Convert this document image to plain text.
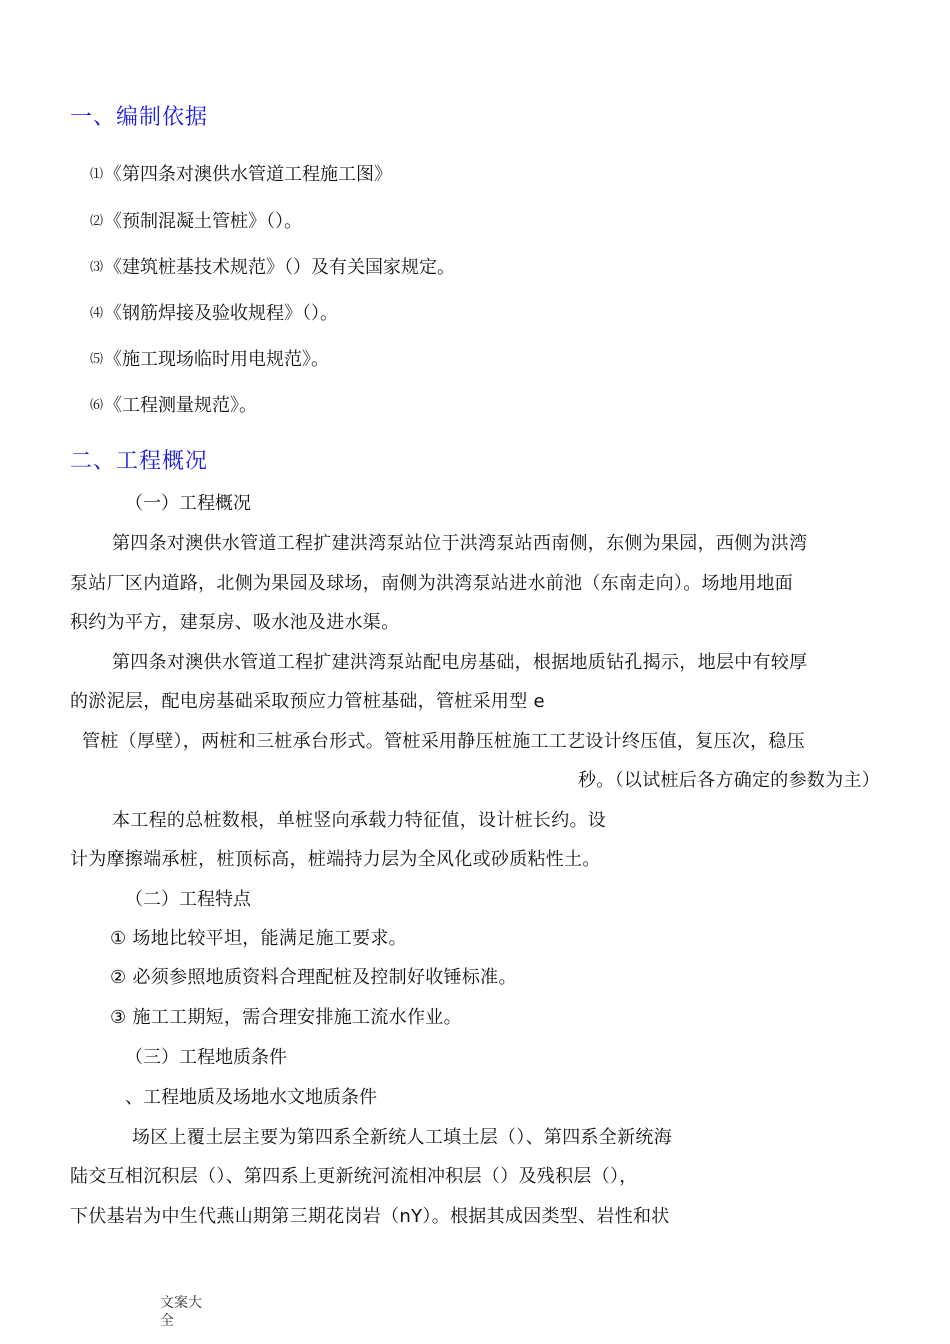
一、编制依据
⑴《第四条对澳供水管道工程施工图》
⑵《预制混凝土管桩》（）。
⑶《建筑桩基技术规范》（）及有关国家规定。
⑷《钢筋焊接及验收规程》（）。
⑸《施工现场临时用电规范》。
⑹《工程测量规范》。
二、工程概况
（一）工程概况
第四条对澳供水管道工程扩建洪湾泵站位于洪湾泵站西南侧，东侧为果园，西侧为洪湾
泵站厂区内道路，北侧为果园及球场，南侧为洪湾泵站进水前池（东南走向）。场地用地面
积约为平方，建泵房、吸水池及进水渠。
第四条对澳供水管道工程扩建洪湾泵站配电房基础，根据地质钻孔揭示，地层中有较厚
的淤泥层，配电房基础采取预应力管桩基础，管桩采用型 e
管桩（厚壁），两桩和三桩承台形式。管桩采用静压桩施工工艺设计终压值，复压次，稳压
秒。（以试桩后各方确定的参数为主）
本工程的总桩数根，单桩竖向承载力特征值，设计桩长约。设
计为摩擦端承桩，桩顶标高，桩端持力层为全风化或砂质粘性土。
（二）工程特点
① 场地比较平坦，能满足施工要求。
② 必须参照地质资料合理配桩及控制好收锤标准。
③ 施工工期短，需合理安排施工流水作业。
（三）工程地质条件
、工程地质及场地水文地质条件
场区上覆土层主要为第四系全新统人工填土层（）、第四系全新统海
陆交互相沉积层（）、第四系上更新统河流相冲积层（）及残积层（），
下伏基岩为中生代燕山期第三期花岗岩（nY）。根据其成因类型、岩性和状
文案大全
